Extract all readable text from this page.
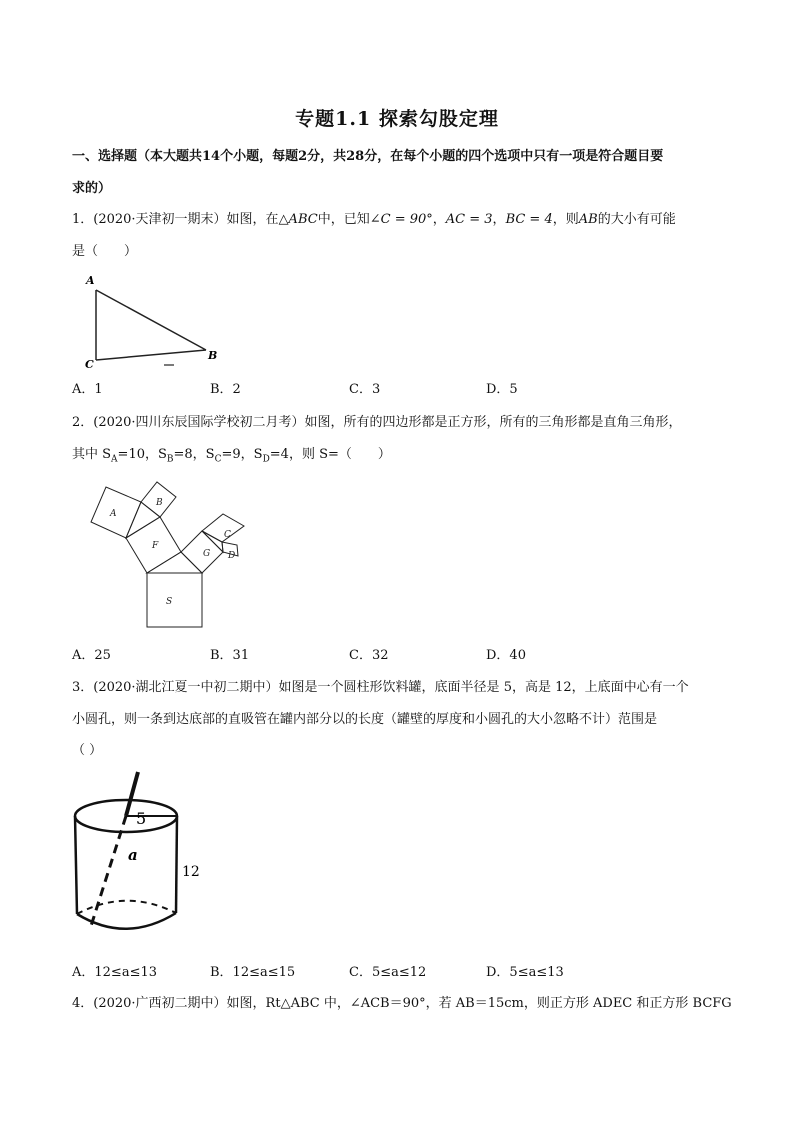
专题1.1 探索勾股定理
一、选择题（本大题共14个小题，每题2分，共28分，在每个小题的四个选项中只有一项是符合题目要
求的）
1．(2020·天津初一期末）如图，在△ABC中，已知∠C = 90°，AC = 3，BC = 4，则AB的大小有可能
是（　　）
A
B
C
A．1	B．2	C．3	D．5
2．(2020·四川东辰国际学校初二月考）如图，所有的四边形都是正方形，所有的三角形都是直角三角形，
其中 $S_A=10$，$S_B=8$，$S_C=9$，$S_D=4$，则 S=（　　）
A
B
C
D
F
G
S
A．25	B．31	C．32	D．40
3．(2020·湖北江夏一中初二期中）如图是一个圆柱形饮料罐，底面半径是 5，高是 12，上底面中心有一个
小圆孔，则一条到达底部的直吸管在罐内部分以的长度（罐壁的厚度和小圆孔的大小忽略不计）范围是
（ ）
5
a
12
A．12≤a≤13	B．12≤a≤15	C．5≤a≤12	D．5≤a≤13
4．(2020·广西初二期中）如图，Rt△ABC 中，∠ACB＝90°，若 AB＝15cm，则正方形 ADEC 和正方形 BCFG
